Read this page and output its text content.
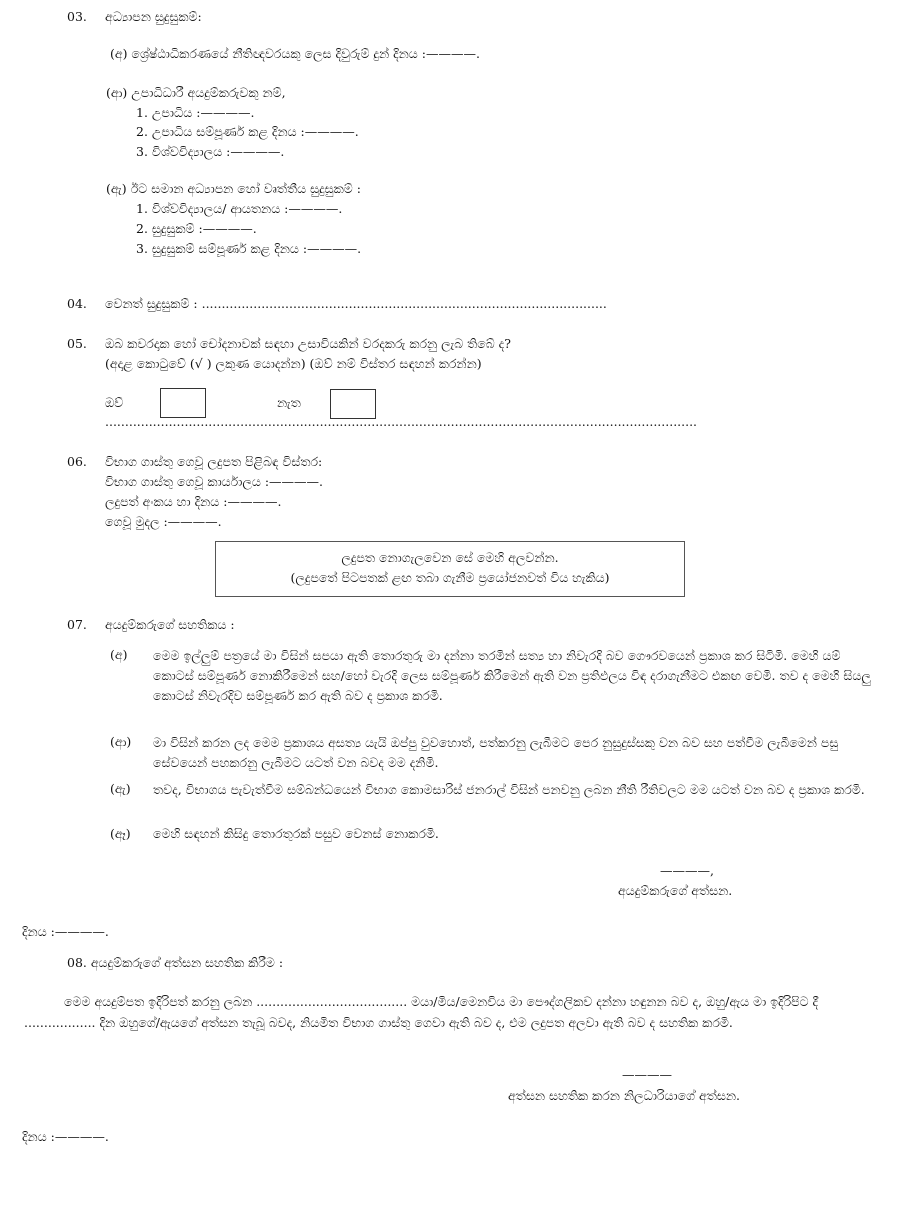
03. අධ්‍යාපන සුදුසුකම්:
(අ) ශ්‍රේෂ්ඨාධිකරණයේ නීතිඥවරයකු ලෙස දිවුරුම් දුන් දිනය :————.
(ආ) උපාධිධාරී අයදුම්කරුවකු නම්,
1. උපාධිය :————.
2. උපාධිය සම්පූර්ණ කළ දිනය :————.
3. විශ්වවිද්‍යාලය :————.
(ඇ) ඊට සමාන අධ්‍යාපන හෝ වෘත්තීය සුදුසුකම් :
1. විශ්වවිද්‍යාලය/ ආයතනය :————.
2. සුදුසුකම් :————.
3. සුදුසුකම් සම්පූර්ණ කළ දිනය :————.
04. වෙනත් සුදුසුකම් : ......................................................................................................
05. ඔබ කවරදාක හෝ චෝදනාවක් සඳහා උසාවියකින් වරදකරු කරනු ලැබ තිබේ ද?
(අදාළ කොටුවේ (√ ) ලකුණ යොදන්න) (ඔව් නම් විස්තර සඳහන් කරන්න)
ඔව්	නැත
.....................................................................................................................................................
06. විභාග ගාස්තු ගෙවූ ලදුපත පිළිබඳ විස්තර:
විභාග ගාස්තු ගෙවූ කාර්යාලය :————.
ලදුපත් අංකය හා දිනය :————.
ගෙවූ මුදල :————.
ලදුපත නොගැලවෙන සේ මෙහි අලවන්න.
(ලදුපතේ පිටපතක් ළඟ තබා ගැනීම ප්‍රයෝජනවත් විය හැකිය)
07. අයදුම්කරුගේ සහතිකය :
(අ) මෙම ඉල්ලුම් පත්‍රයේ මා විසින් සපයා ඇති තොරතුරු මා දන්නා තරමින් සත්‍ය හා නිවැරදි බව ගෞරවයෙන් ප්‍රකාශ කර සිටිමි. මෙහි යම් කොටස් සම්පූර්ණ නොකිරීමෙන් සහ/හෝ වැරදි ලෙස සම්පූර්ණ කිරීමෙන් ඇති වන ප්‍රතිඵලය විඳ දරාගැනීමට එකඟ වෙමි. තව ද මෙහි සියලු කොටස් නිවැරදිව සම්පූර්ණ කර ඇති බව ද ප්‍රකාශ කරමි.
(ආ) මා විසින් කරන ලද මෙම ප්‍රකාශය අසත්‍ය යැයි ඔප්පු වුවහොත්, පත්කරනු ලැබීමට පෙර නුසුදුස්සකු වන බව සහ පත්වීම ලැබීමෙන් පසු සේවයෙන් පහකරනු ලැබීමට යටත් වන බවද මම දනිමි.
(ඇ) තවද, විභාගය පැවැත්වීම සම්බන්ධයෙන් විභාග කොමසාරිස් ජනරාල් විසින් පනවනු ලබන නීති රීතිවලට මම යටත් වන බව ද ප්‍රකාශ කරමි.
(ඈ) මෙහි සඳහන් කිසිදු තොරතුරක් පසුව වෙනස් නොකරමි.
————,
අයදුම්කරුගේ අත්සන.
දිනය :————.
08. අයදුම්කරුගේ අත්සන සහතික කිරීම :
මෙම අයදුම්පත ඉදිරිපත් කරනු ලබන ...................................... මයා/මිය/මෙනවිය මා පෞද්ගලිකව දන්නා හඳුනන බව ද, ඔහු/ඇය මා ඉදිරිපිට දී .................. දින ඔහුගේ/ඇයගේ අත්සන තැබූ බවද, නියමිත විභාග ගාස්තු ගෙවා ඇති බව ද, එම ලදුපත අලවා ඇති බව ද සහතික කරමි.
————
අත්සන සහතික කරන නිලධාරියාගේ අත්සන.
දිනය :————.
